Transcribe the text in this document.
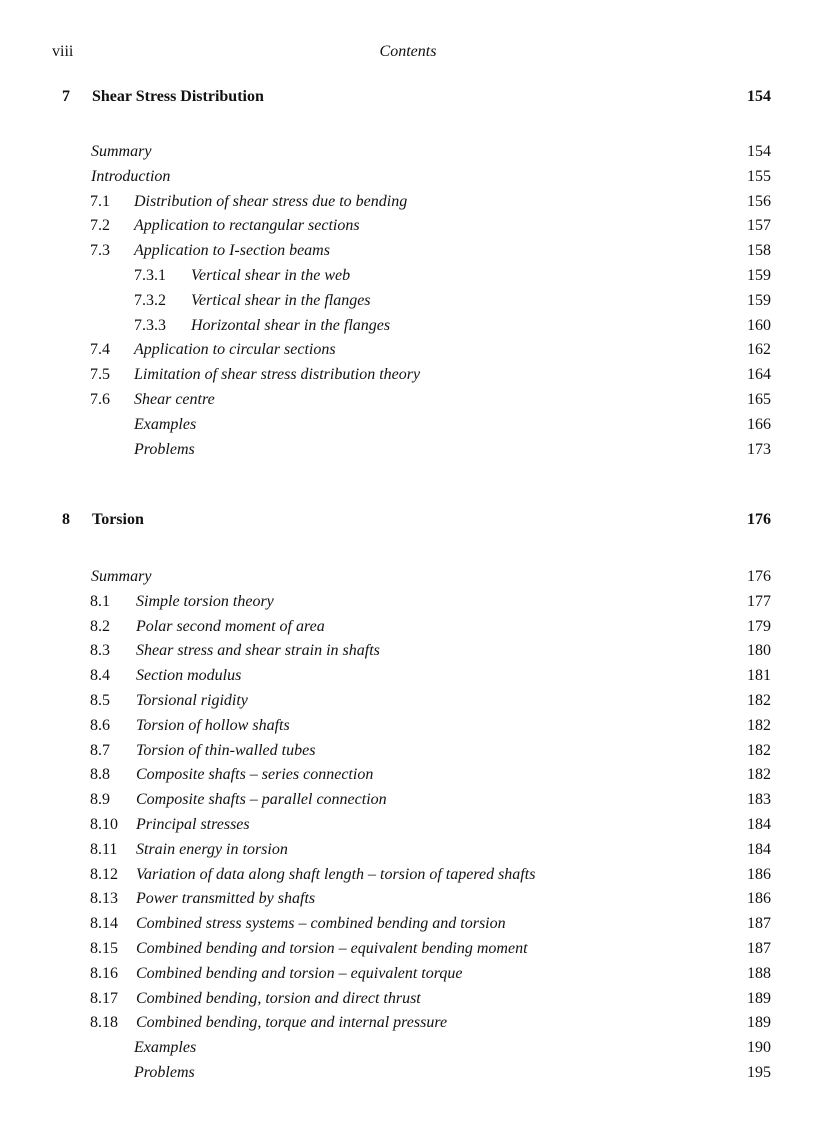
viii	Contents
7 Shear Stress Distribution	154
Summary	154
Introduction	155
7.1 Distribution of shear stress due to bending	156
7.2 Application to rectangular sections	157
7.3 Application to I-section beams	158
7.3.1 Vertical shear in the web	159
7.3.2 Vertical shear in the flanges	159
7.3.3 Horizontal shear in the flanges	160
7.4 Application to circular sections	162
7.5 Limitation of shear stress distribution theory	164
7.6 Shear centre	165
Examples	166
Problems	173
8 Torsion	176
Summary	176
8.1 Simple torsion theory	177
8.2 Polar second moment of area	179
8.3 Shear stress and shear strain in shafts	180
8.4 Section modulus	181
8.5 Torsional rigidity	182
8.6 Torsion of hollow shafts	182
8.7 Torsion of thin-walled tubes	182
8.8 Composite shafts – series connection	182
8.9 Composite shafts – parallel connection	183
8.10 Principal stresses	184
8.11 Strain energy in torsion	184
8.12 Variation of data along shaft length – torsion of tapered shafts	186
8.13 Power transmitted by shafts	186
8.14 Combined stress systems – combined bending and torsion	187
8.15 Combined bending and torsion – equivalent bending moment	187
8.16 Combined bending and torsion – equivalent torque	188
8.17 Combined bending, torsion and direct thrust	189
8.18 Combined bending, torque and internal pressure	189
Examples	190
Problems	195
